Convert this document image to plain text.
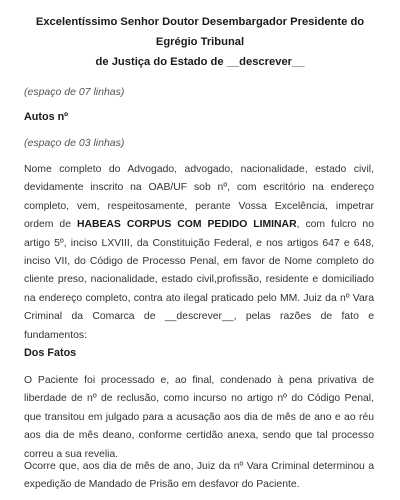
Excelentíssimo Senhor Doutor Desembargador Presidente do Egrégio Tribunal
de Justiça do Estado de __descrever__
(espaço de 07 linhas)
Autos nº
(espaço de 03 linhas)
Nome completo do Advogado, advogado, nacionalidade, estado civil, devidamente inscrito na OAB/UF sob nº, com escritório na endereço completo, vem, respeitosamente, perante Vossa Excelência, impetrar ordem de HABEAS CORPUS COM PEDIDO LIMINAR, com fulcro no artigo 5º, inciso LXVIII, da Constituição Federal, e nos artigos 647 e 648, inciso VII, do Código de Processo Penal, em favor de Nome completo do cliente preso, nacionalidade, estado civil,profissão, residente e domiciliado na endereço completo, contra ato ilegal praticado pelo MM. Juiz da nº Vara Criminal da Comarca de __descrever__, pelas razões de fato e fundamentos:
Dos Fatos
O Paciente foi processado e, ao final, condenado à pena privativa de liberdade de nº de reclusão, como incurso no artigo nº do Código Penal, que transitou em julgado para a acusação aos dia de mês de ano e ao réu aos dia de mês deano, conforme certidão anexa, sendo que tal processo correu a sua revelia.
Ocorre que, aos dia de mês de ano, Juiz da nº Vara Criminal determinou a expedição de Mandado de Prisão em desfavor do Paciente.
